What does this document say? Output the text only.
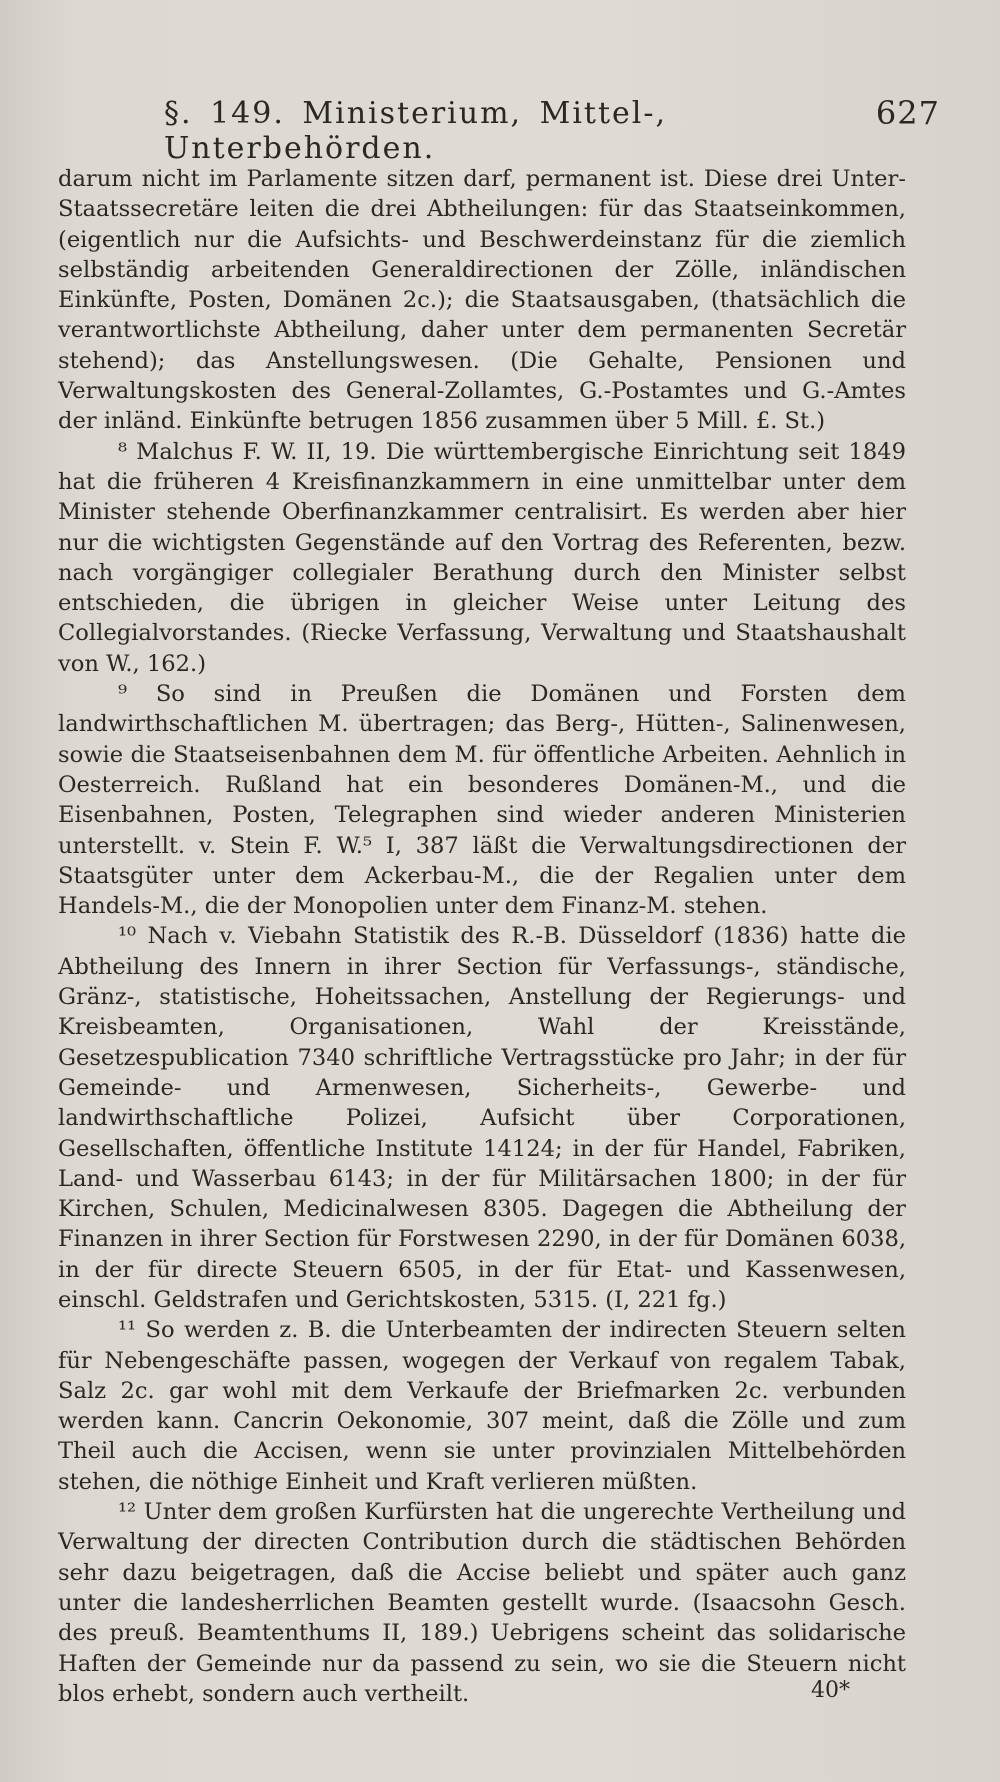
§. 149. Ministerium, Mittel-, Unterbehörden.
627

darum nicht im Parlamente sitzen darf, permanent ist. Diese drei Unter-Staatssecretäre leiten die drei Abtheilungen: für das Staatseinkommen, (eigentlich nur die Aufsichts- und Beschwerdeinstanz für die ziemlich selbständig arbeitenden Generaldirectionen der Zölle, inländischen Einkünfte, Posten, Domänen 2c.); die Staatsausgaben, (thatsächlich die verantwortlichste Abtheilung, daher unter dem permanenten Secretär stehend); das Anstellungswesen. (Die Gehalte, Pensionen und Verwaltungskosten des General-Zollamtes, G.-Postamtes und G.-Amtes der inländ. Einkünfte betrugen 1856 zusammen über 5 Mill. £. St.)

⁸ Malchus F. W. II, 19. Die württembergische Einrichtung seit 1849 hat die früheren 4 Kreisfinanzkammern in eine unmittelbar unter dem Minister stehende Oberfinanzkammer centralisirt. Es werden aber hier nur die wichtigsten Gegenstände auf den Vortrag des Referenten, bezw. nach vorgängiger collegialer Berathung durch den Minister selbst entschieden, die übrigen in gleicher Weise unter Leitung des Collegialvorstandes. (Riecke Verfassung, Verwaltung und Staatshaushalt von W., 162.)

⁹ So sind in Preußen die Domänen und Forsten dem landwirthschaftlichen M. übertragen; das Berg-, Hütten-, Salinenwesen, sowie die Staatseisenbahnen dem M. für öffentliche Arbeiten. Aehnlich in Oesterreich. Rußland hat ein besonderes Domänen-M., und die Eisenbahnen, Posten, Telegraphen sind wieder anderen Ministerien unterstellt. v. Stein F. W.⁵ I, 387 läßt die Verwaltungsdirectionen der Staatsgüter unter dem Ackerbau-M., die der Regalien unter dem Handels-M., die der Monopolien unter dem Finanz-M. stehen.

¹⁰ Nach v. Viebahn Statistik des R.-B. Düsseldorf (1836) hatte die Abtheilung des Innern in ihrer Section für Verfassungs-, ständische, Gränz-, statistische, Hoheitssachen, Anstellung der Regierungs- und Kreisbeamten, Organisationen, Wahl der Kreisstände, Gesetzespublication 7340 schriftliche Vertragsstücke pro Jahr; in der für Gemeinde- und Armenwesen, Sicherheits-, Gewerbe- und landwirthschaftliche Polizei, Aufsicht über Corporationen, Gesellschaften, öffentliche Institute 14124; in der für Handel, Fabriken, Land- und Wasserbau 6143; in der für Militärsachen 1800; in der für Kirchen, Schulen, Medicinalwesen 8305. Dagegen die Abtheilung der Finanzen in ihrer Section für Forstwesen 2290, in der für Domänen 6038, in der für directe Steuern 6505, in der für Etat- und Kassenwesen, einschl. Geldstrafen und Gerichtskosten, 5315. (I, 221 fg.)

¹¹ So werden z. B. die Unterbeamten der indirecten Steuern selten für Nebengeschäfte passen, wogegen der Verkauf von regalem Tabak, Salz 2c. gar wohl mit dem Verkaufe der Briefmarken 2c. verbunden werden kann. Cancrin Oekonomie, 307 meint, daß die Zölle und zum Theil auch die Accisen, wenn sie unter provinzialen Mittelbehörden stehen, die nöthige Einheit und Kraft verlieren müßten.

¹² Unter dem großen Kurfürsten hat die ungerechte Vertheilung und Verwaltung der directen Contribution durch die städtischen Behörden sehr dazu beigetragen, daß die Accise beliebt und später auch ganz unter die landesherrlichen Beamten gestellt wurde. (Isaacsohn Gesch. des preuß. Beamtenthums II, 189.) Uebrigens scheint das solidarische Haften der Gemeinde nur da passend zu sein, wo sie die Steuern nicht blos erhebt, sondern auch vertheilt.	40*
